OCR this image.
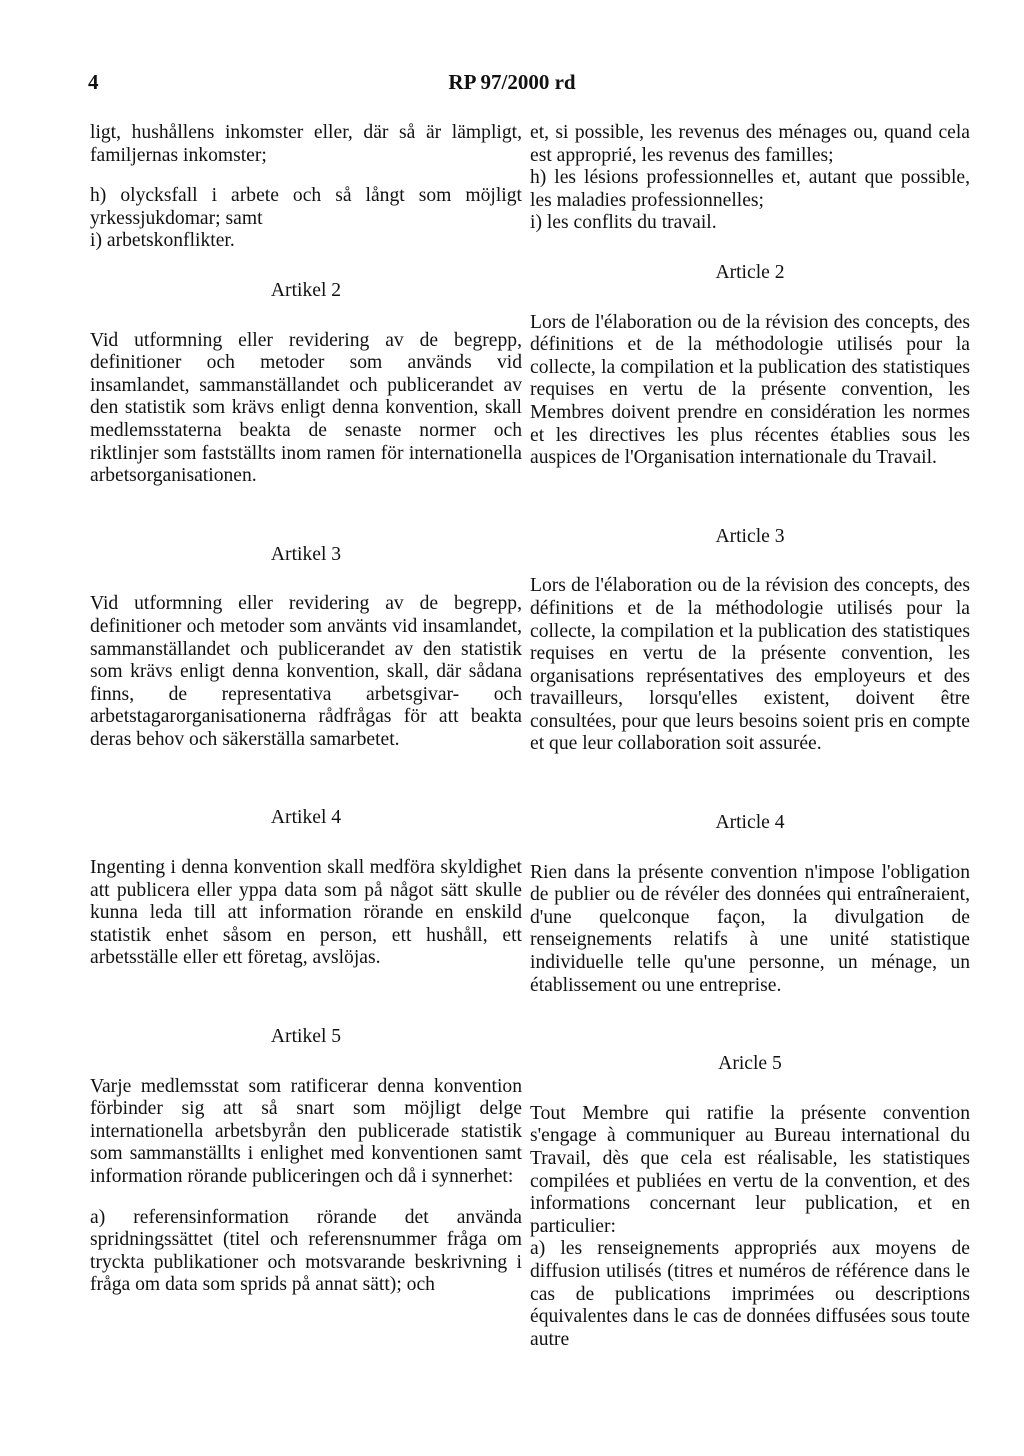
4	RP 97/2000 rd

ligt, hushållens inkomster eller, där så är lämpligt, familjernas inkomster;

h) olycksfall i arbete och så långt som möjligt yrkessjukdomar; samt

i) arbetskonflikter.

Artikel 2

Vid utformning eller revidering av de begrepp, definitioner och metoder som används vid insamlandet, sammanställandet och publicerandet av den statistik som krävs enligt denna konvention, skall medlemsstaterna beakta de senaste normer och riktlinjer som fastställts inom ramen för internationella arbetsorganisationen.

Artikel 3

Vid utformning eller revidering av de begrepp, definitioner och metoder som använts vid insamlandet, sammanställandet och publicerandet av den statistik som krävs enligt denna konvention, skall, där sådana finns, de representativa arbetsgivar- och arbetstagarorganisationerna rådfrågas för att beakta deras behov och säkerställa samarbetet.

Artikel 4

Ingenting i denna konvention skall medföra skyldighet att publicera eller yppa data som på något sätt skulle kunna leda till att information rörande en enskild statistik enhet såsom en person, ett hushåll, ett arbetsställe eller ett företag, avslöjas.

Artikel 5

Varje medlemsstat som ratificerar denna konvention förbinder sig att så snart som möjligt delge internationella arbetsbyrån den publicerade statistik som sammanställts i enlighet med konventionen samt information rörande publiceringen och då i synnerhet:

a) referensinformation rörande det använda spridningssättet (titel och referensnummer fråga om tryckta publikationer och motsvarande beskrivning i fråga om data som sprids på annat sätt); och

et, si possible, les revenus des ménages ou, quand cela est approprié, les revenus des familles;

h) les lésions professionnelles et, autant que possible, les maladies professionnelles;

i) les conflits du travail.

Article 2

Lors de l'élaboration ou de la révision des concepts, des définitions et de la méthodologie utilisés pour la collecte, la compilation et la publication des statistiques requises en vertu de la présente convention, les Membres doivent prendre en considération les normes et les directives les plus récentes établies sous les auspices de l'Organisation internationale du Travail.

Article 3

Lors de l'élaboration ou de la révision des concepts, des définitions et de la méthodologie utilisés pour la collecte, la compilation et la publication des statistiques requises en vertu de la présente convention, les organisations représentatives des employeurs et des travailleurs, lorsqu'elles existent, doivent être consultées, pour que leurs besoins soient pris en compte et que leur collaboration soit assurée.

Article 4

Rien dans la présente convention n'impose l'obligation de publier ou de révéler des données qui entraîneraient, d'une quelconque façon, la divulgation de renseignements relatifs à une unité statistique individuelle telle qu'une personne, un ménage, un établissement ou une entreprise.

Aricle 5

Tout Membre qui ratifie la présente convention s'engage à communiquer au Bureau international du Travail, dès que cela est réalisable, les statistiques compilées et publiées en vertu de la convention, et des informations concernant leur publication, et en particulier:

a) les renseignements appropriés aux moyens de diffusion utilisés (titres et numéros de référence dans le cas de publications imprimées ou descriptions équivalentes dans le cas de données diffusées sous toute autre
